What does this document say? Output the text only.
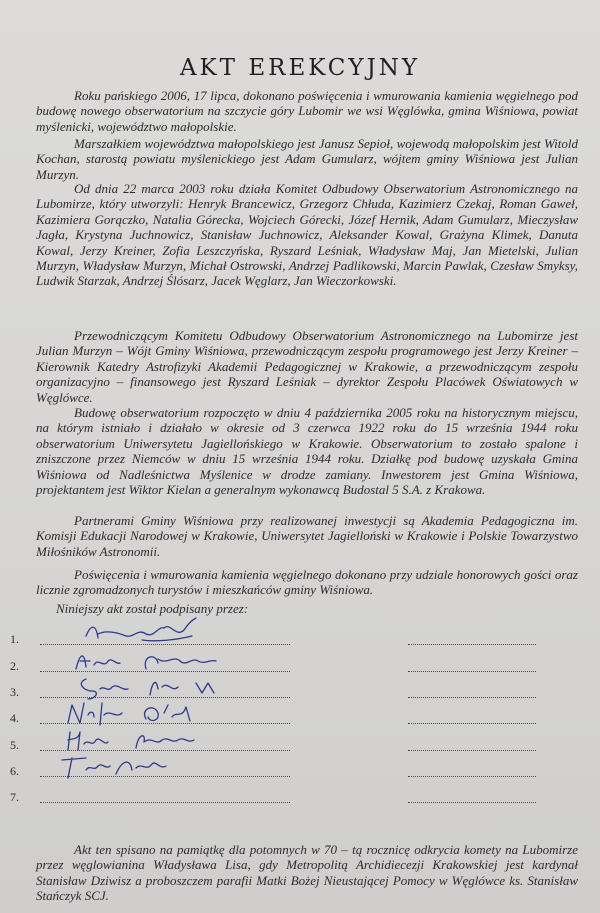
AKT EREKCYJNY

Roku pańskiego 2006, 17 lipca, dokonano poświęcenia i wmurowania kamienia węgielnego pod budowę nowego obserwatorium na szczycie góry Lubomir we wsi Węglówka, gmina Wiśniowa, powiat myślenicki, województwo małopolskie.

Marszałkiem województwa małopolskiego jest Janusz Sepioł, wojewodą małopolskim jest Witold Kochan, starostą powiatu myślenickiego jest Adam Gumularz, wójtem gminy Wiśniowa jest Julian Murzyn.

Od dnia 22 marca 2003 roku działa Komitet Odbudowy Obserwatorium Astronomicznego na Lubomirze, który utworzyli: Henryk Brancewicz, Grzegorz Chłuda, Kazimierz Czekaj, Roman Gaweł, Kazimiera Gorączko, Natalia Górecka, Wojciech Górecki, Józef Hernik, Adam Gumularz, Mieczysław Jagła, Krystyna Juchnowicz, Stanisław Juchnowicz, Aleksander Kowal, Grażyna Klimek, Danuta Kowal, Jerzy Kreiner, Zofia Leszczyńska, Ryszard Leśniak, Władysław Maj, Jan Mietelski, Julian Murzyn, Władysław Murzyn, Michał Ostrowski, Andrzej Padlikowski, Marcin Pawlak, Czesław Smyksy, Ludwik Starzak, Andrzej Ślósarz, Jacek Węglarz, Jan Wieczorkowski.

Przewodniczącym Komitetu Odbudowy Obserwatorium Astronomicznego na Lubomirze jest Julian Murzyn – Wójt Gminy Wiśniowa, przewodniczącym zespołu programowego jest Jerzy Kreiner – Kierownik Katedry Astrofizyki Akademii Pedagogicznej w Krakowie, a przewodniczącym zespołu organizacyjno – finansowego jest Ryszard Leśniak – dyrektor Zespołu Placówek Oświatowych w Węglówce.

Budowę obserwatorium rozpoczęto w dniu 4 października 2005 roku na historycznym miejscu, na którym istniało i działało w okresie od 3 czerwca 1922 roku do 15 września 1944 roku obserwatorium Uniwersytetu Jagiellońskiego w Krakowie. Obserwatorium to zostało spalone i zniszczone przez Niemców w dniu 15 września 1944 roku. Działkę pod budowę uzyskała Gmina Wiśniowa od Nadleśnictwa Myślenice w drodze zamiany. Inwestorem jest Gmina Wiśniowa, projektantem jest Wiktor Kielan a generalnym wykonawcą Budostal 5 S.A. z Krakowa.

Partnerami Gminy Wiśniowa przy realizowanej inwestycji są Akademia Pedagogiczna im. Komisji Edukacji Narodowej w Krakowie, Uniwersytet Jagielloński w Krakowie i Polskie Towarzystwo Miłośników Astronomii.

Poświęcenia i wmurowania kamienia węgielnego dokonano przy udziale honorowych gości oraz licznie zgromadzonych turystów i mieszkańców gminy Wiśniowa.

Niniejszy akt został podpisany przez:

1.
2.
3.
4.
5.
6.
7.

Akt ten spisano na pamiątkę dla potomnych w 70 – tą rocznicę odkrycia komety na Lubomirze przez węglowianina Władysława Lisa, gdy Metropolitą Archidiecezji Krakowskiej jest kardynał Stanisław Dziwisz a proboszczem parafii Matki Bożej Nieustającej Pomocy w Węglówce ks. Stanisław Stańczyk SCJ.
